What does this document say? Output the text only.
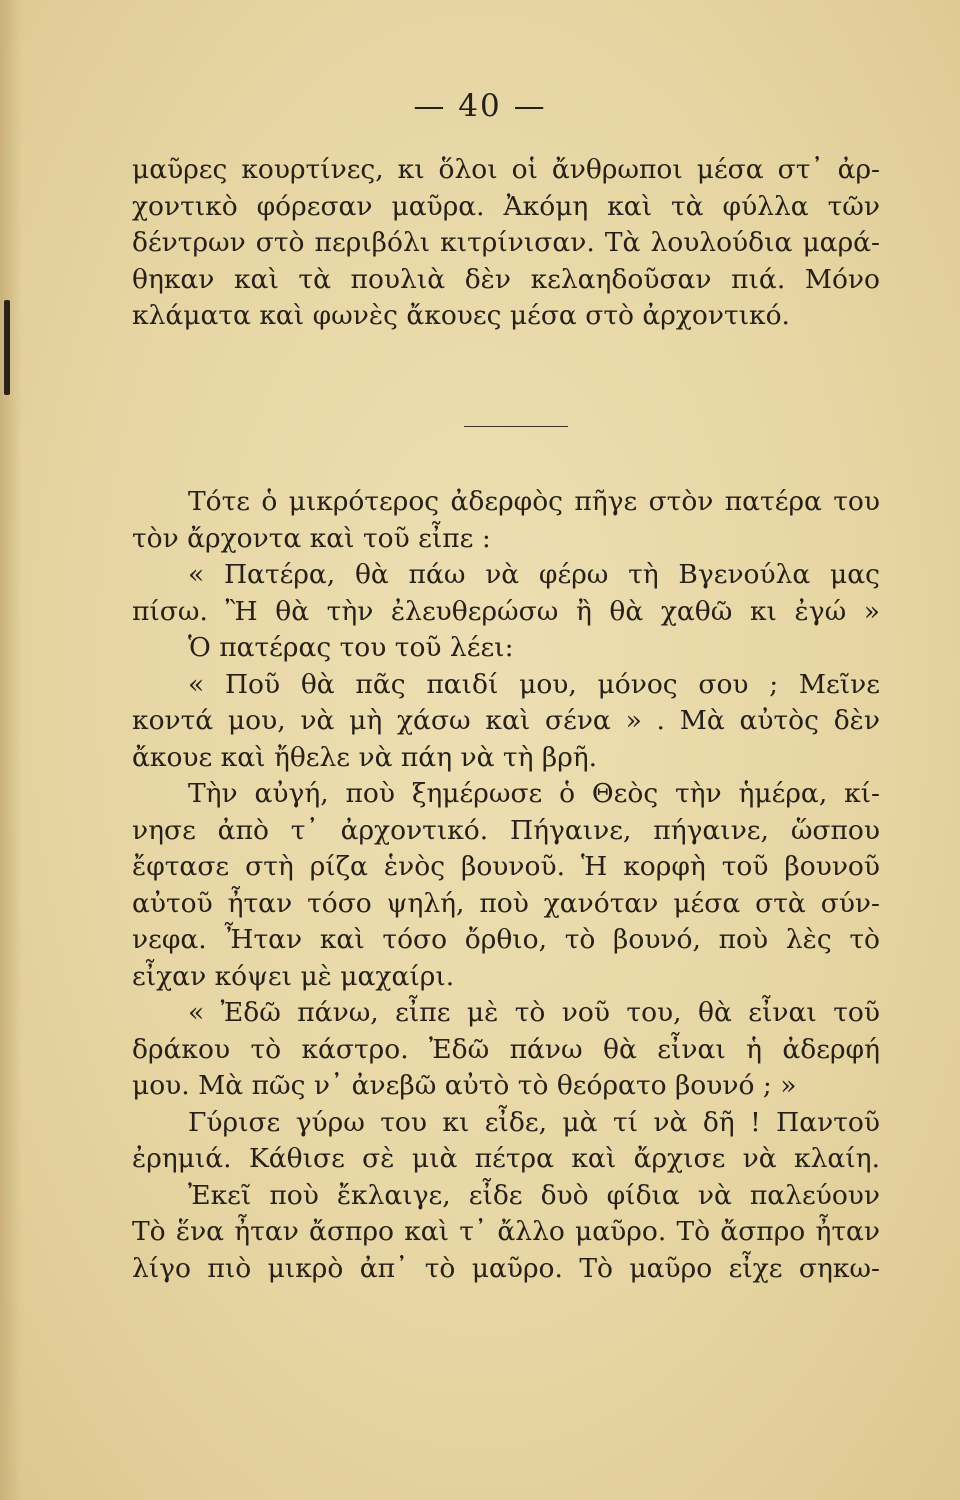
— 40 —
μαῦρες κουρτίνες, κι ὅλοι οἱ ἄνθρωποι μέσα στ᾽ ἀρ-
χοντικὸ φόρεσαν μαῦρα. Ἀκόμη καὶ τὰ φύλλα τῶν
δέντρων στὸ περιβόλι κιτρίνισαν. Τὰ λουλούδια μαρά-
θηκαν καὶ τὰ πουλιὰ δὲν κελαηδοῦσαν πιά. Μόνο
κλάματα καὶ φωνὲς ἄκουες μέσα στὸ ἀρχοντικό.
Τότε ὁ μικρότερος ἀδερφὸς πῆγε στὸν πατέρα του
τὸν ἄρχοντα καὶ τοῦ εἶπε :
« Πατέρα, θὰ πάω νὰ φέρω τὴ Βγενούλα μας
πίσω. Ἢ θὰ τὴν ἐλευθερώσω ἢ θὰ χαθῶ κι ἐγώ »
Ὁ πατέρας του τοῦ λέει:
« Ποῦ θὰ πᾶς παιδί μου, μόνος σου ; Μεῖνε
κοντά μου, νὰ μὴ χάσω καὶ σένα » . Μὰ αὐτὸς δὲν
ἄκουε καὶ ἤθελε νὰ πάη νὰ τὴ βρῆ.
Τὴν αὐγή, ποὺ ξημέρωσε ὁ Θεὸς τὴν ἡμέρα, κί-
νησε ἀπὸ τ᾽ ἀρχοντικό. Πήγαινε, πήγαινε, ὥσπου
ἔφτασε στὴ ρίζα ἑνὸς βουνοῦ. Ἡ κορφὴ τοῦ βουνοῦ
αὐτοῦ ἦταν τόσο ψηλή, ποὺ χανόταν μέσα στὰ σύν-
νεφα. Ἦταν καὶ τόσο ὄρθιο, τὸ βουνό, ποὺ λὲς τὸ
εἶχαν κόψει μὲ μαχαίρι.
« Ἐδῶ πάνω, εἶπε μὲ τὸ νοῦ του, θὰ εἶναι τοῦ
δράκου τὸ κάστρο. Ἐδῶ πάνω θὰ εἶναι ἡ ἀδερφή
μου. Μὰ πῶς ν᾽ ἀνεβῶ αὐτὸ τὸ θεόρατο βουνό ; »
Γύρισε γύρω του κι εἶδε, μὰ τί νὰ δῆ ! Παντοῦ
ἐρημιά. Κάθισε σὲ μιὰ πέτρα καὶ ἄρχισε νὰ κλαίη.
Ἐκεῖ ποὺ ἔκλαιγε, εἶδε δυὸ φίδια νὰ παλεύουν
Τὸ ἕνα ἦταν ἄσπρο καὶ τ᾽ ἄλλο μαῦρο. Τὸ ἄσπρο ἦταν
λίγο πιὸ μικρὸ ἀπ᾽ τὸ μαῦρο. Τὸ μαῦρο εἶχε σηκω-
